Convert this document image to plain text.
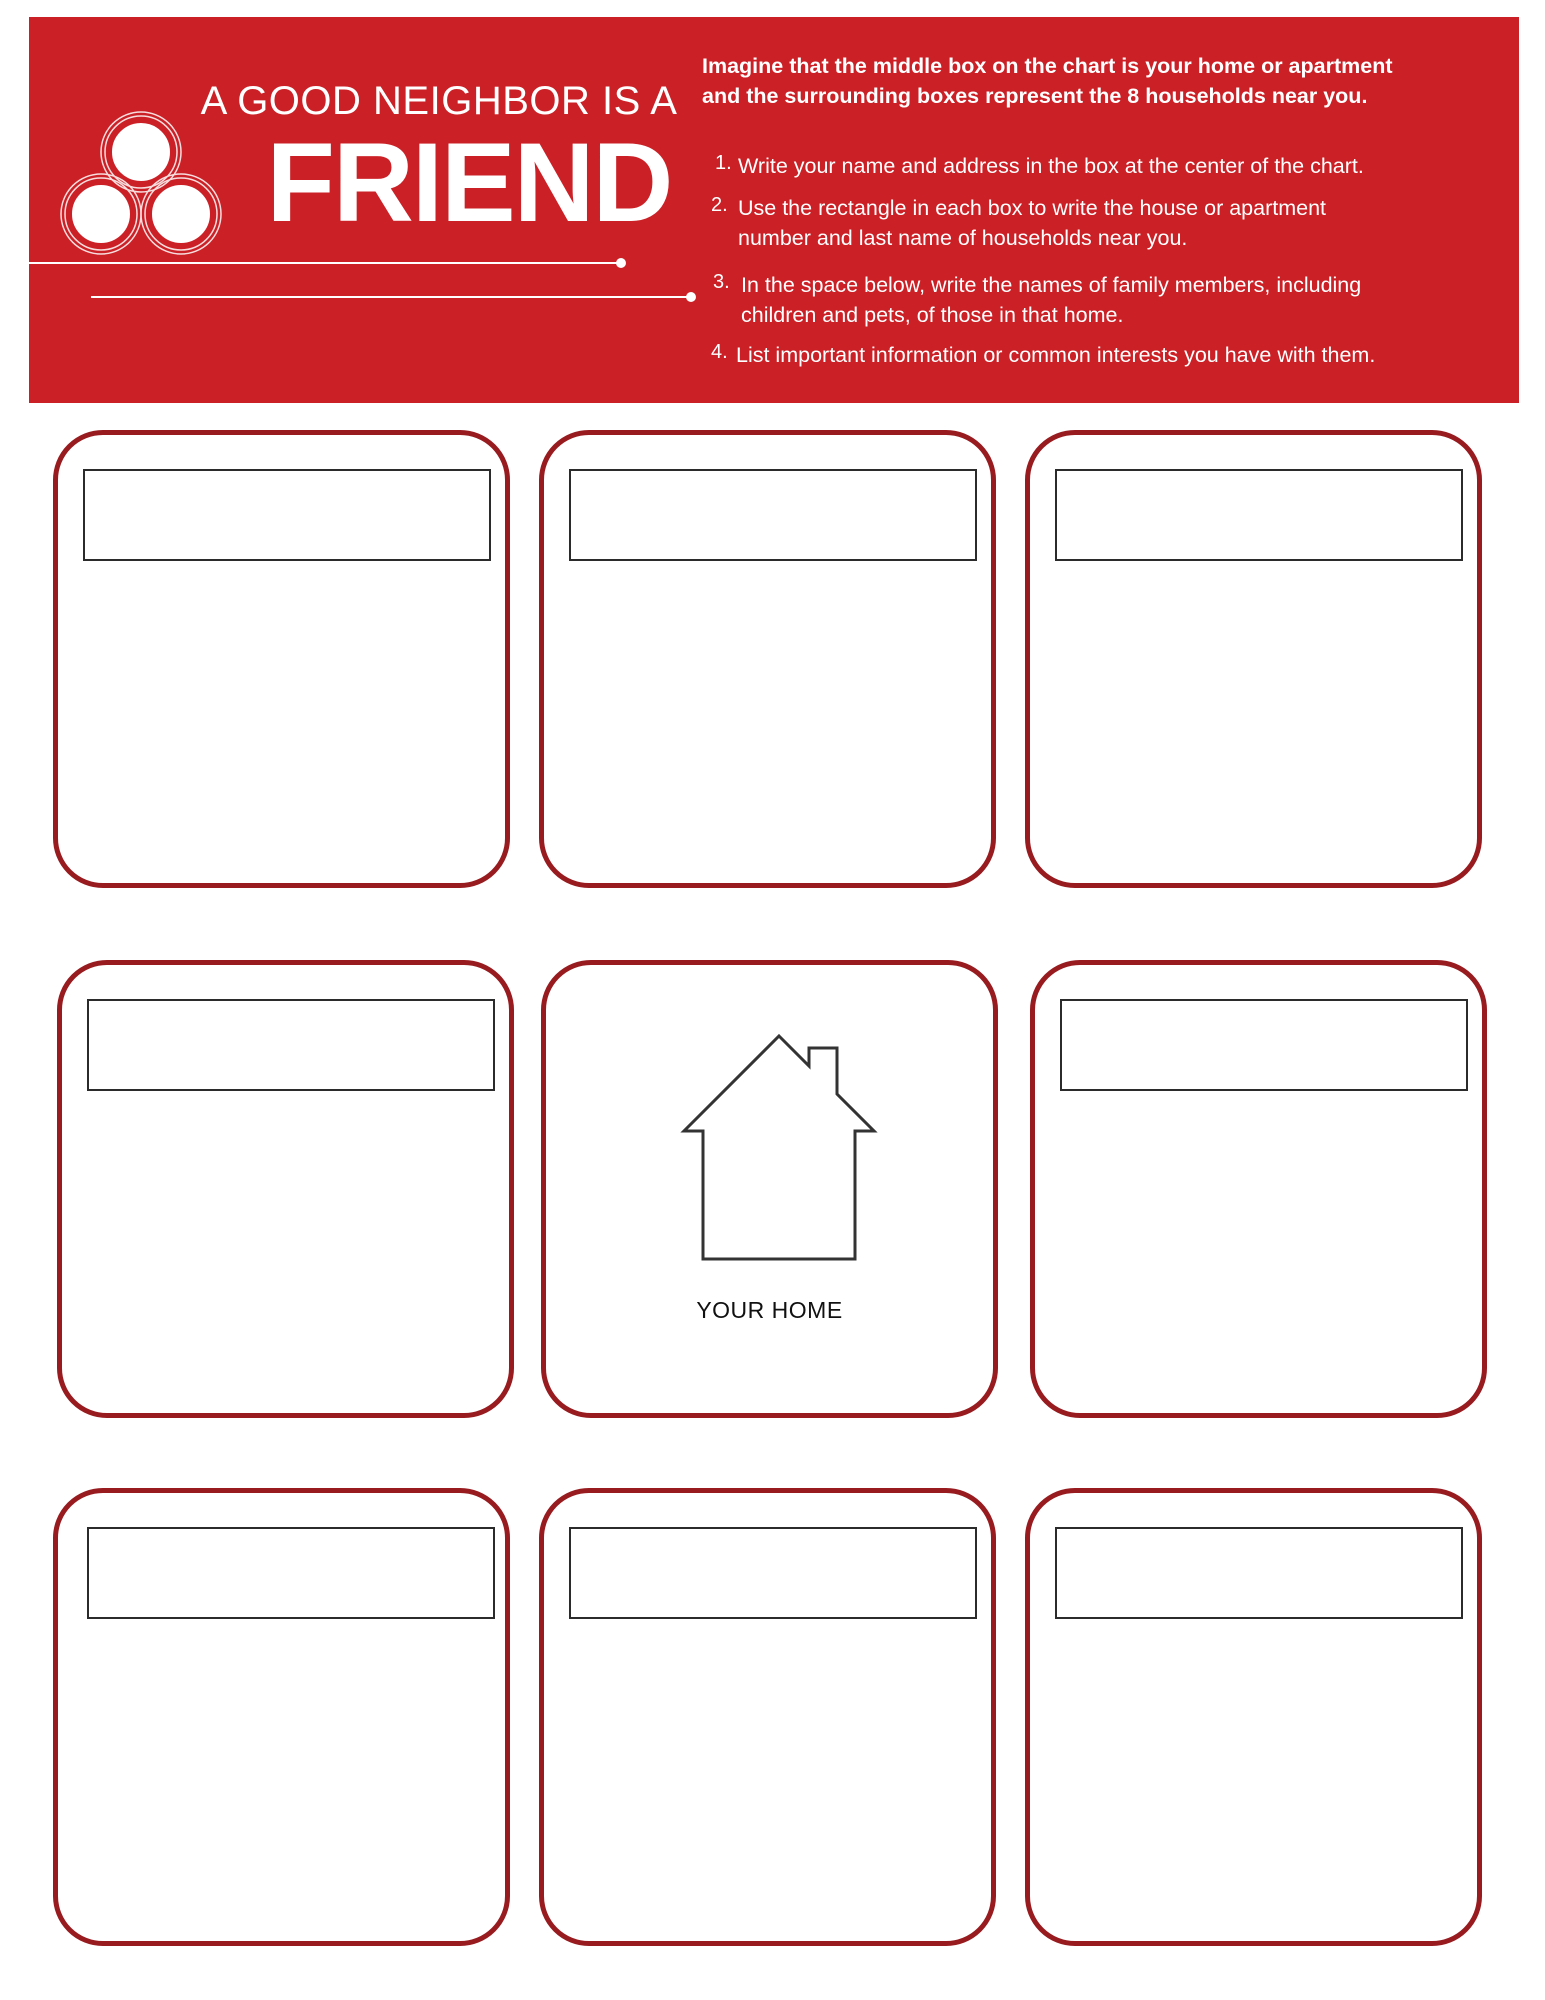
A GOOD NEIGHBOR IS A
FRIEND
Imagine that the middle box on the chart is your home or apartment
and the surrounding boxes represent the 8 households near you.
1. Write your name and address in the box at the center of the chart.
2. Use the rectangle in each box to write the house or apartment
number and last name of households near you.
3. In the space below, write the names of family members, including
children and pets, of those in that home.
4. List important information or common interests you have with them.
YOUR HOME
